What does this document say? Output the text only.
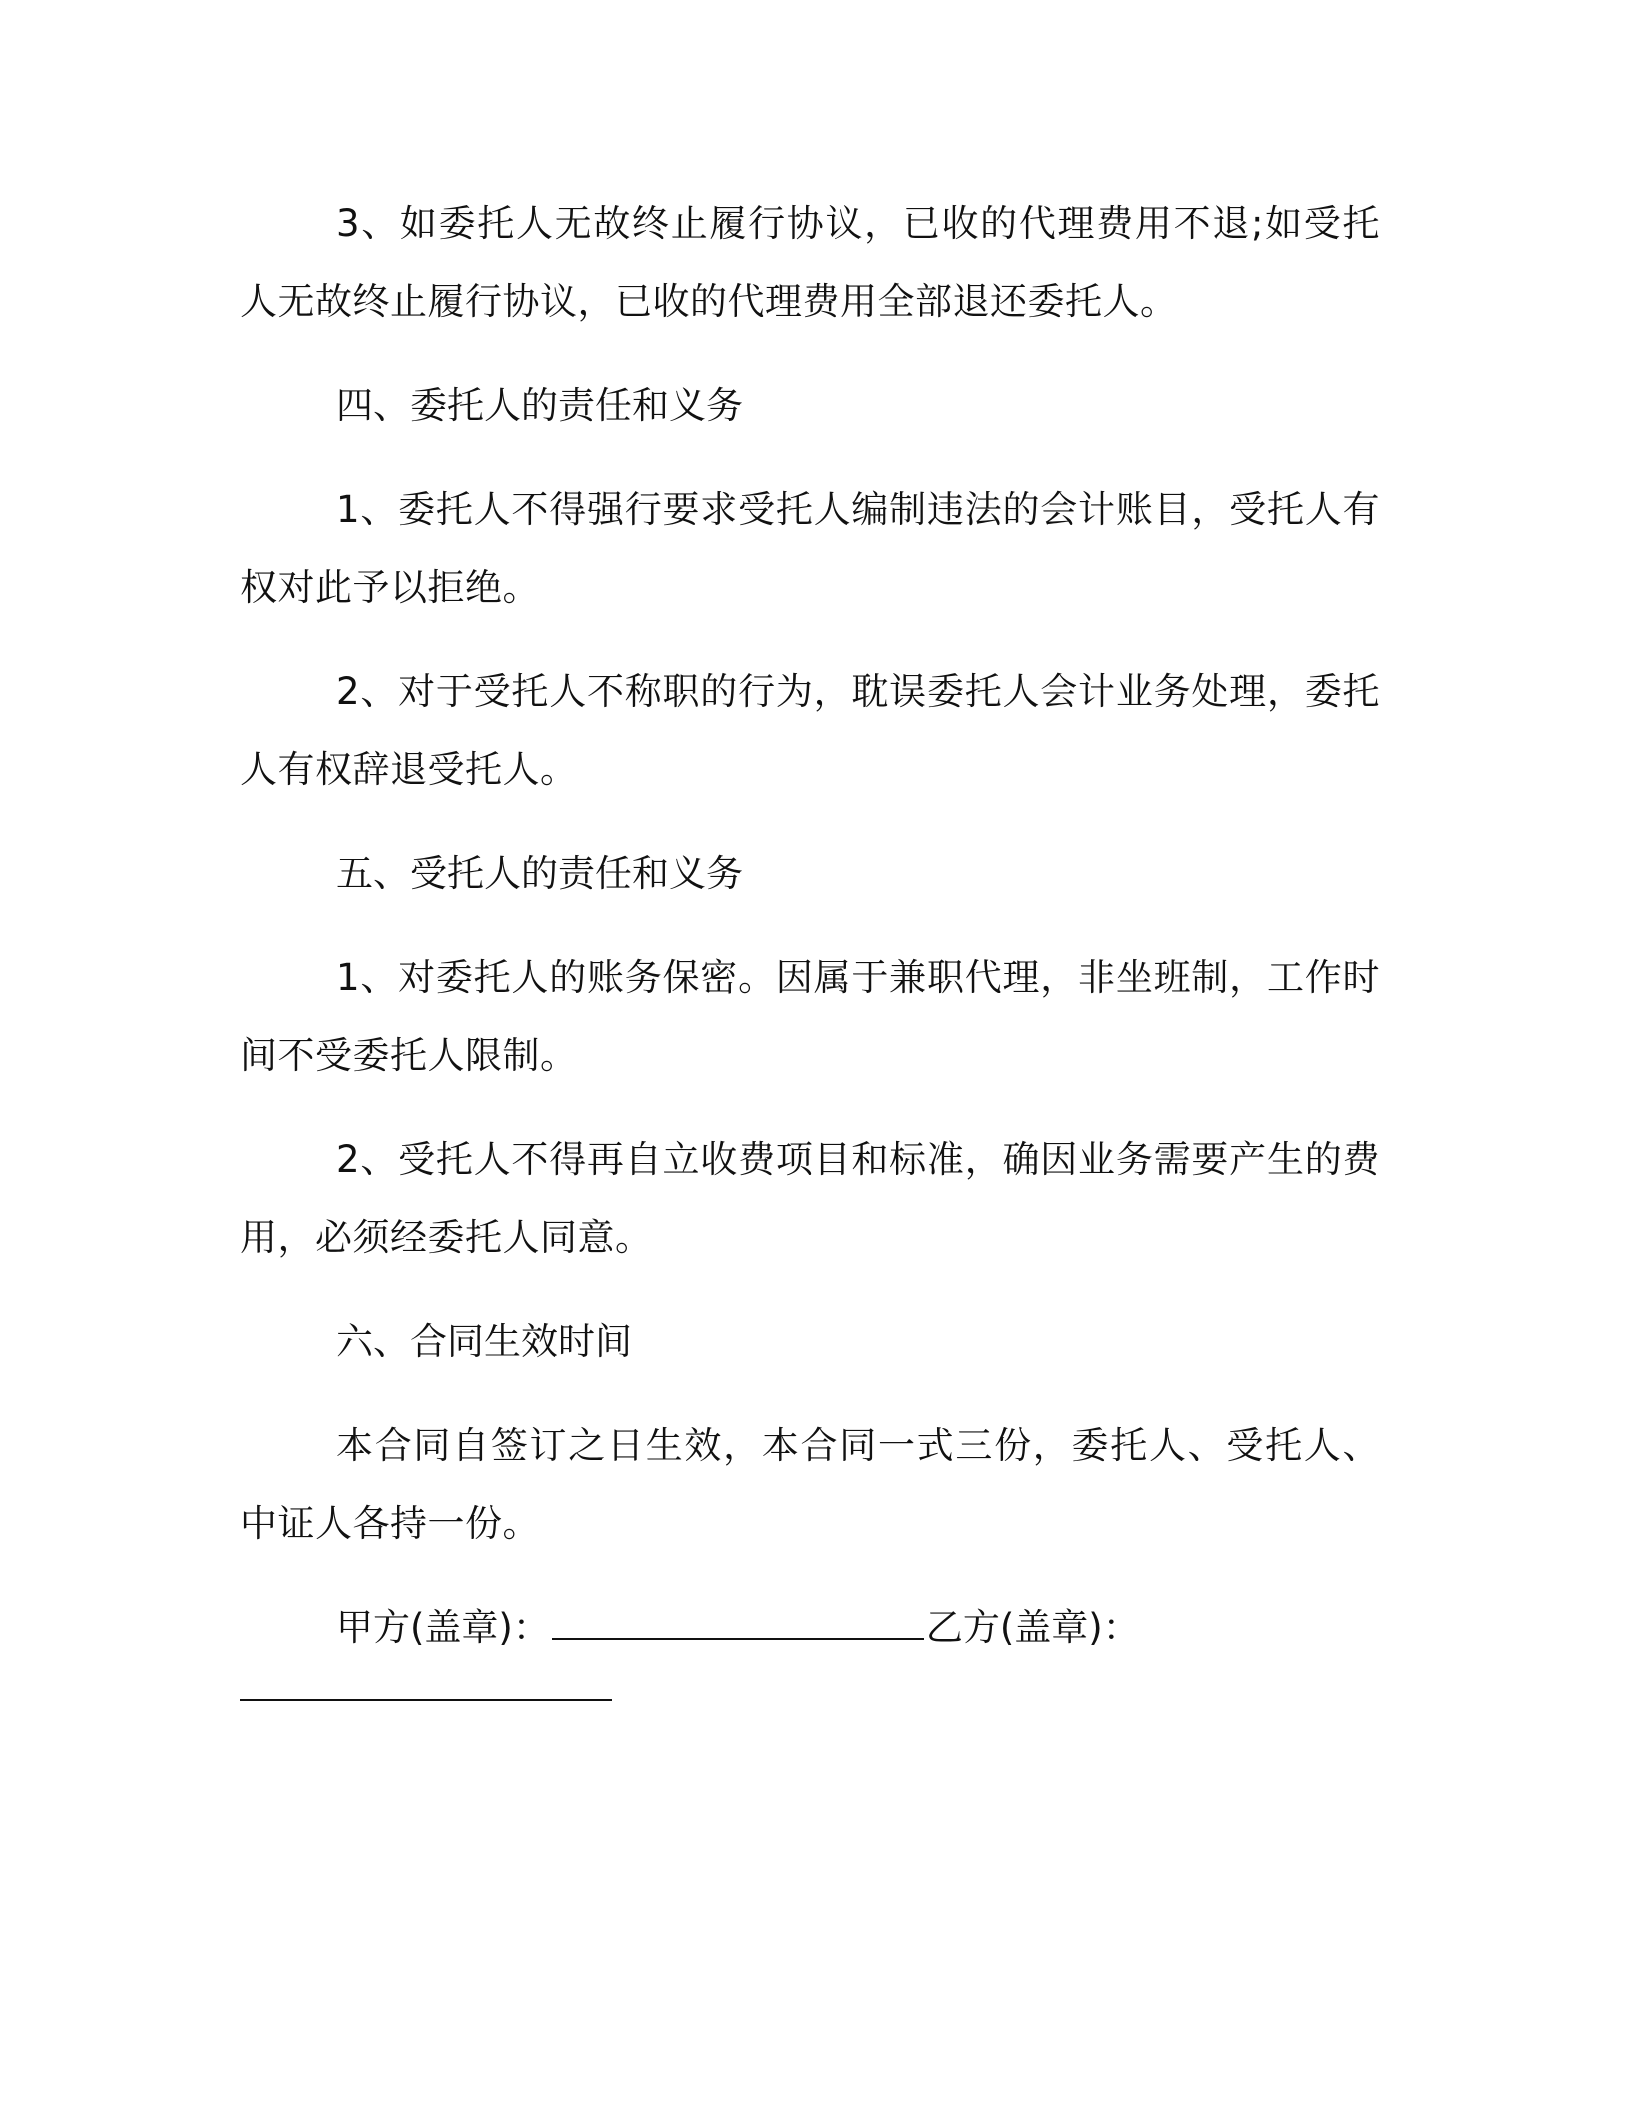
3、如委托人无故终止履行协议，已收的代理费用不退;如受托人无故终止履行协议，已收的代理费用全部退还委托人。

四、委托人的责任和义务

1、委托人不得强行要求受托人编制违法的会计账目，受托人有权对此予以拒绝。

2、对于受托人不称职的行为，耽误委托人会计业务处理，委托人有权辞退受托人。

五、受托人的责任和义务

1、对委托人的账务保密。因属于兼职代理，非坐班制，工作时间不受委托人限制。

2、受托人不得再自立收费项目和标准，确因业务需要产生的费用，必须经委托人同意。

六、合同生效时间

本合同自签订之日生效，本合同一式三份，委托人、受托人、中证人各持一份。

甲方(盖章)：	乙方(盖章)：
